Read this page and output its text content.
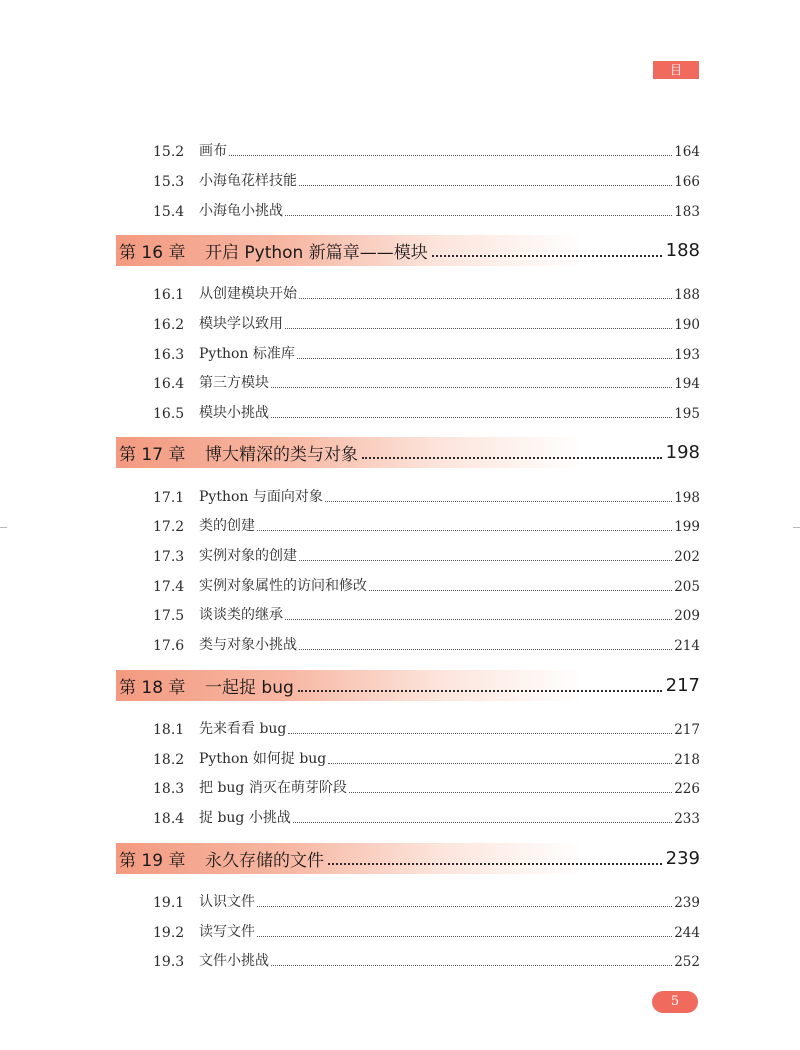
目 录
15.2	画布	164
15.3	小海龟花样技能	166
15.4	小海龟小挑战	183
第 16 章	开启 Python 新篇章——模块	188
16.1	从创建模块开始	188
16.2	模块学以致用	190
16.3	Python 标准库	193
16.4	第三方模块	194
16.5	模块小挑战	195
第 17 章	博大精深的类与对象	198
17.1	Python 与面向对象	198
17.2	类的创建	199
17.3	实例对象的创建	202
17.4	实例对象属性的访问和修改	205
17.5	谈谈类的继承	209
17.6	类与对象小挑战	214
第 18 章	一起捉 bug	217
18.1	先来看看 bug	217
18.2	Python 如何捉 bug	218
18.3	把 bug 消灭在萌芽阶段	226
18.4	捉 bug 小挑战	233
第 19 章	永久存储的文件	239
19.1	认识文件	239
19.2	读写文件	244
19.3	文件小挑战	252
5
